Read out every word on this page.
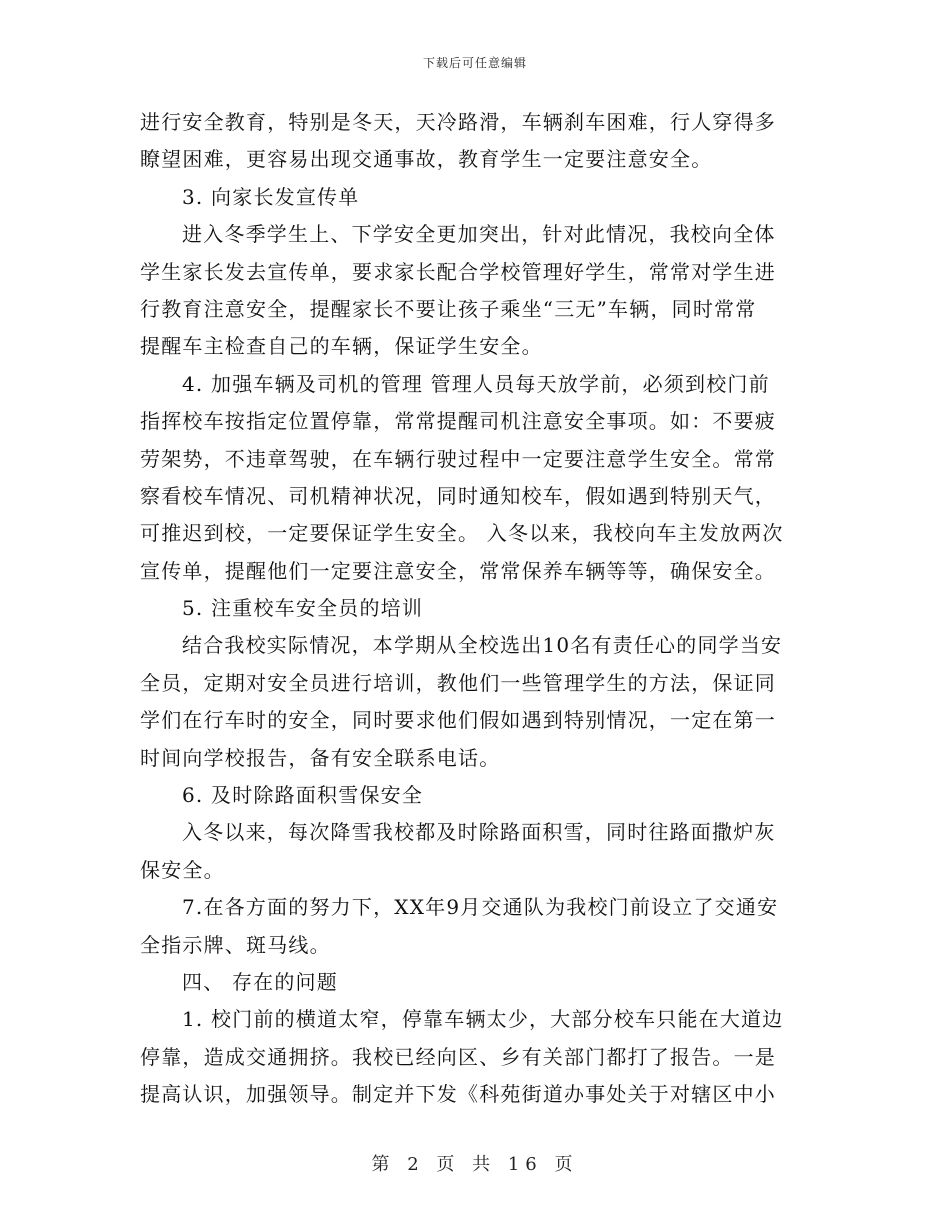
下载后可任意编辑
进行安全教育，特别是冬天，天冷路滑，车辆刹车困难，行人穿得多
瞭望困难，更容易出现交通事故，教育学生一定要注意安全。
3. 向家长发宣传单
进入冬季学生上、下学安全更加突出，针对此情况，我校向全体
学生家长发去宣传单，要求家长配合学校管理好学生，常常对学生进
行教育注意安全，提醒家长不要让孩子乘坐“三无”车辆，同时常常
提醒车主检查自己的车辆，保证学生安全。
4. 加强车辆及司机的管理 管理人员每天放学前，必须到校门前
指挥校车按指定位置停靠，常常提醒司机注意安全事项。如：不要疲
劳架势，不违章驾驶，在车辆行驶过程中一定要注意学生安全。常常
察看校车情况、司机精神状况，同时通知校车，假如遇到特别天气，
可推迟到校，一定要保证学生安全。 入冬以来，我校向车主发放两次
宣传单，提醒他们一定要注意安全，常常保养车辆等等，确保安全。
5. 注重校车安全员的培训
结合我校实际情况，本学期从全校选出10名有责任心的同学当安
全员，定期对安全员进行培训，教他们一些管理学生的方法，保证同
学们在行车时的安全，同时要求他们假如遇到特别情况，一定在第一
时间向学校报告，备有安全联系电话。
6. 及时除路面积雪保安全
入冬以来，每次降雪我校都及时除路面积雪，同时往路面撒炉灰
保安全。
7.在各方面的努力下，XX年9月交通队为我校门前设立了交通安
全指示牌、斑马线。
四、 存在的问题
1. 校门前的横道太窄，停靠车辆太少，大部分校车只能在大道边
停靠，造成交通拥挤。我校已经向区、乡有关部门都打了报告。一是
提高认识，加强领导。制定并下发《科苑街道办事处关于对辖区中小
第 2 页 共 16 页
